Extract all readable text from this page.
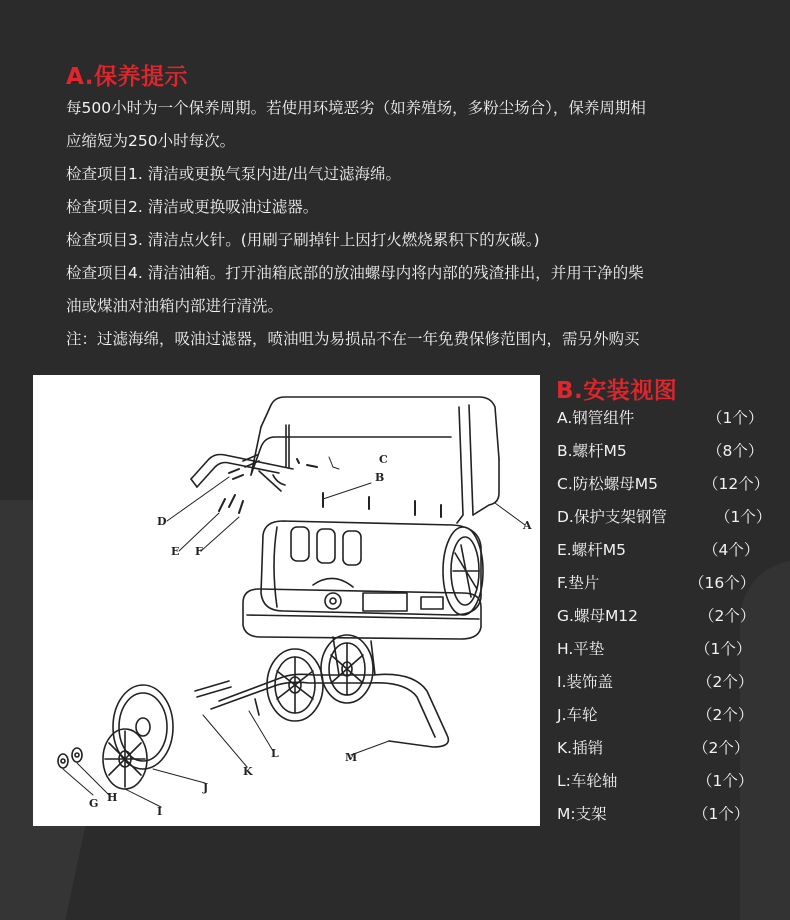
A.保养提示
每500小时为一个保养周期。若使用环境恶劣（如养殖场，多粉尘场合），保养周期相
应缩短为250小时每次。
检查项目1. 清洁或更换气泵内进/出气过滤海绵。
检查项目2. 清洁或更换吸油过滤器。
检查项目3. 清洁点火针。(用刷子刷掉针上因打火燃烧累积下的灰碳。)
检查项目4. 清洁油箱。打开油箱底部的放油螺母内将内部的残渣排出，并用干净的柴
油或煤油对油箱内部进行清洗。
注：过滤海绵，吸油过滤器，喷油咀为易损品不在一年免费保修范围内，需另外购买
C
B
D
E F
A
G H
I
J
K
L	M
B.安装视图
A.钢管组件	（1个）
B.螺杆M5	（8个）
C.防松螺母M5	（12个）
D.保护支架钢管	（1个）
E.螺杆M5	（4个）
F.垫片	（16个）
G.螺母M12	（2个）
H.平垫	（1个）
I.装饰盖	（2个）
J.车轮	（2个）
K.插销	（2个）
L:车轮轴	（1个）
M:支架	（1个）
